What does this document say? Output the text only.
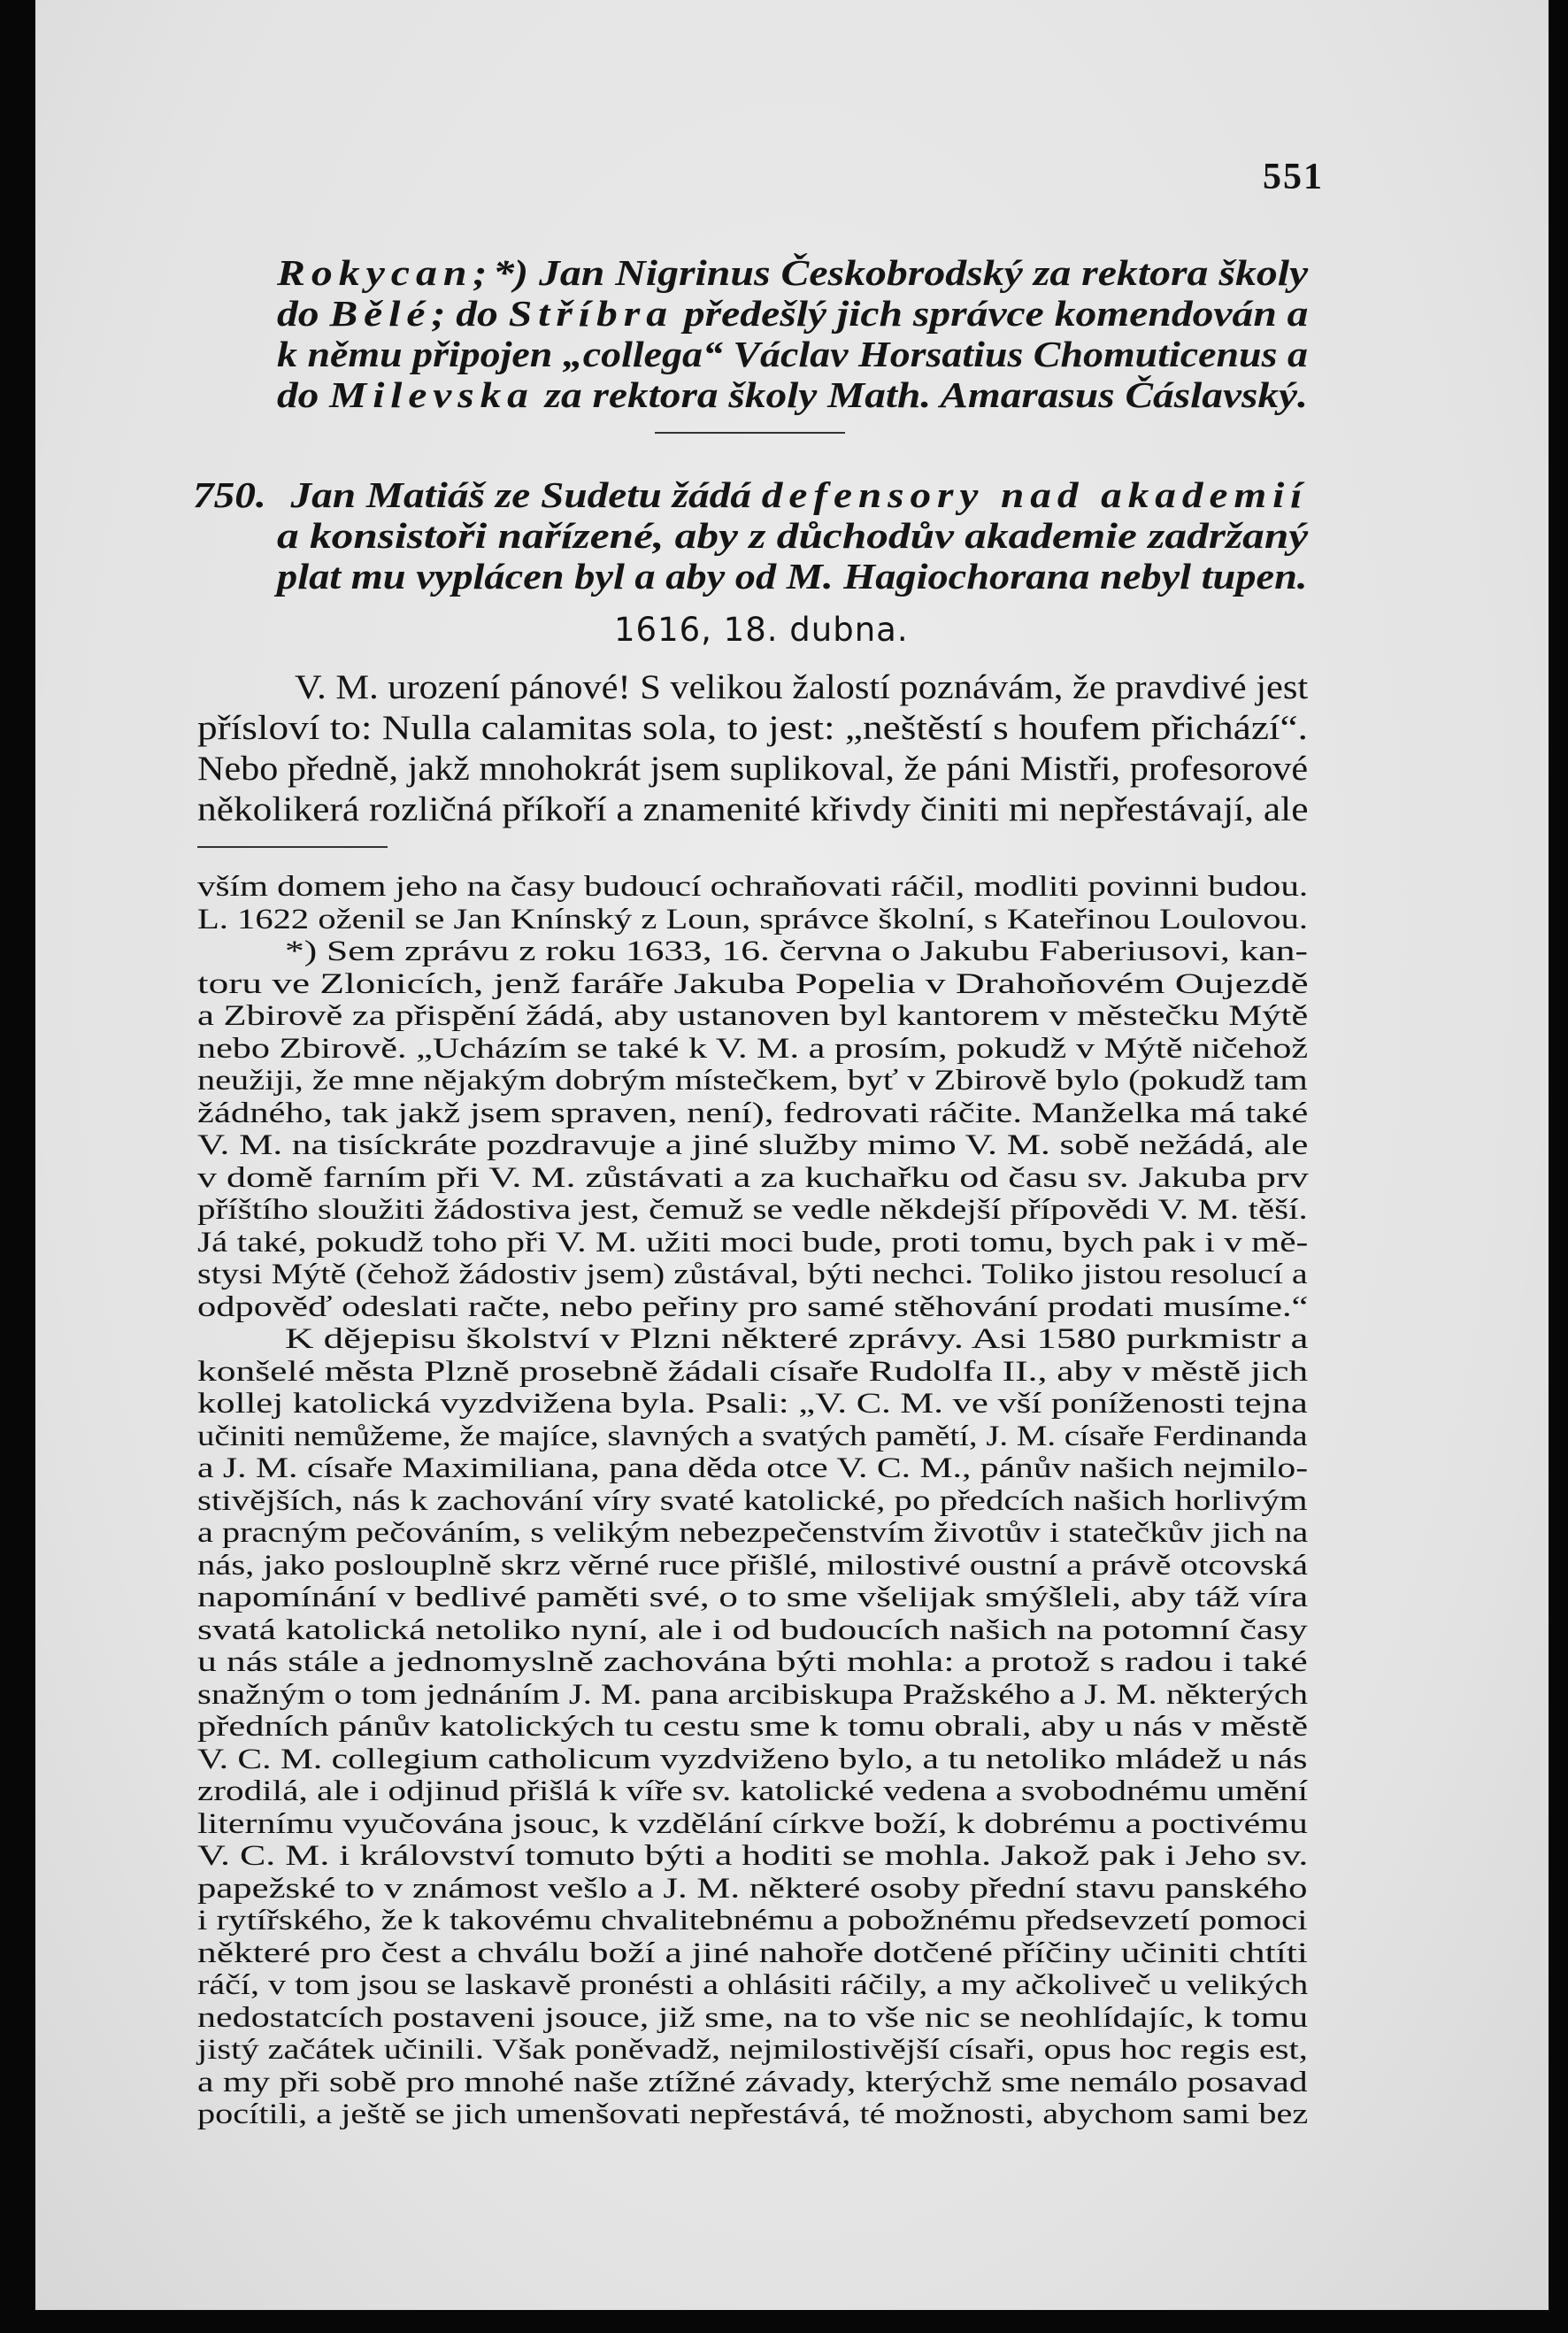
551
Rokycan;*) Jan Nigrinus Českobrodský za rektora školy
do Bělé; do Stříbra předešlý jich správce komendován a
k němu připojen „collega“ Václav Horsatius Chomuticenus a
do Milevska za rektora školy Math. Amarasus Čáslavský.
750. Jan Matiáš ze Sudetu žádá defensory nad akademií
a konsistoři nařízené, aby z důchodův akademie zadržaný
plat mu vyplácen byl a aby od M. Hagiochorana nebyl tupen.
1616, 18. dubna.
V. M. urození pánové! S velikou žalostí poznávám, že pravdivé jest
přísloví to: Nulla calamitas sola, to jest: „neštěstí s houfem přichází“.
Nebo předně, jakž mnohokrát jsem suplikoval, že páni Mistři, profesorové
několikerá rozličná příkoří a znamenité křivdy činiti mi nepřestávají, ale
vším domem jeho na časy budoucí ochraňovati ráčil, modliti povinni budou.
L. 1622 oženil se Jan Knínský z Loun, správce školní, s Kateřinou Loulovou.
*) Sem zprávu z roku 1633, 16. června o Jakubu Faberiusovi, kan-
toru ve Zlonicích, jenž faráře Jakuba Popelia v Drahoňovém Oujezdě
a Zbirově za přispění žádá, aby ustanoven byl kantorem v městečku Mýtě
nebo Zbirově. „Ucházím se také k V. M. a prosím, pokudž v Mýtě ničehož
neužiji, že mne nějakým dobrým místečkem, byť v Zbirově bylo (pokudž tam
žádného, tak jakž jsem spraven, není), fedrovati ráčite. Manželka má také
V. M. na tisíckráte pozdravuje a jiné služby mimo V. M. sobě nežádá, ale
v domě farním při V. M. zůstávati a za kuchařku od času sv. Jakuba prv
příštího sloužiti žádostiva jest, čemuž se vedle někdejší přípovědi V. M. těší.
Já také, pokudž toho při V. M. užiti moci bude, proti tomu, bych pak i v mě-
stysi Mýtě (čehož žádostiv jsem) zůstával, býti nechci. Toliko jistou resolucí a
odpověď odeslati račte, nebo peřiny pro samé stěhování prodati musíme.“
K dějepisu školství v Plzni některé zprávy. Asi 1580 purkmistr a
konšelé města Plzně prosebně žádali císaře Rudolfa II., aby v městě jich
kollej katolická vyzdvižena byla. Psali: „V. C. M. ve vší poníženosti tejna
učiniti nemůžeme, že majíce, slavných a svatých pamětí, J. M. císaře Ferdinanda
a J. M. císaře Maximiliana, pana děda otce V. C. M., pánův našich nejmilo-
stivějších, nás k zachování víry svaté katolické, po předcích našich horlivým
a pracným pečováním, s velikým nebezpečenstvím životův i statečkův jich na
nás, jako poslouplně skrz věrné ruce přišlé, milostivé oustní a právě otcovská
napomínání v bedlivé paměti své, o to sme všelijak smýšleli, aby táž víra
svatá katolická netoliko nyní, ale i od budoucích našich na potomní časy
u nás stále a jednomyslně zachována býti mohla: a protož s radou i také
snažným o tom jednáním J. M. pana arcibiskupa Pražského a J. M. některých
předních pánův katolických tu cestu sme k tomu obrali, aby u nás v městě
V. C. M. collegium catholicum vyzdviženo bylo, a tu netoliko mládež u nás
zrodilá, ale i odjinud přišlá k víře sv. katolické vedena a svobodnému umění
liternímu vyučována jsouc, k vzdělání církve boží, k dobrému a poctivému
V. C. M. i království tomuto býti a hoditi se mohla. Jakož pak i Jeho sv.
papežské to v známost vešlo a J. M. některé osoby přední stavu panského
i rytířského, že k takovému chvalitebnému a pobožnému předsevzetí pomoci
některé pro čest a chválu boží a jiné nahoře dotčené příčiny učiniti chtíti
ráčí, v tom jsou se laskavě pronésti a ohlásiti ráčily, a my ačkoliveč u velikých
nedostatcích postaveni jsouce, již sme, na to vše nic se neohlídajíc, k tomu
jistý začátek učinili. Však poněvadž, nejmilostivější císaři, opus hoc regis est,
a my při sobě pro mnohé naše ztížné závady, kterýchž sme nemálo posavad
pocítili, a ještě se jich umenšovati nepřestává, té možnosti, abychom sami bez
